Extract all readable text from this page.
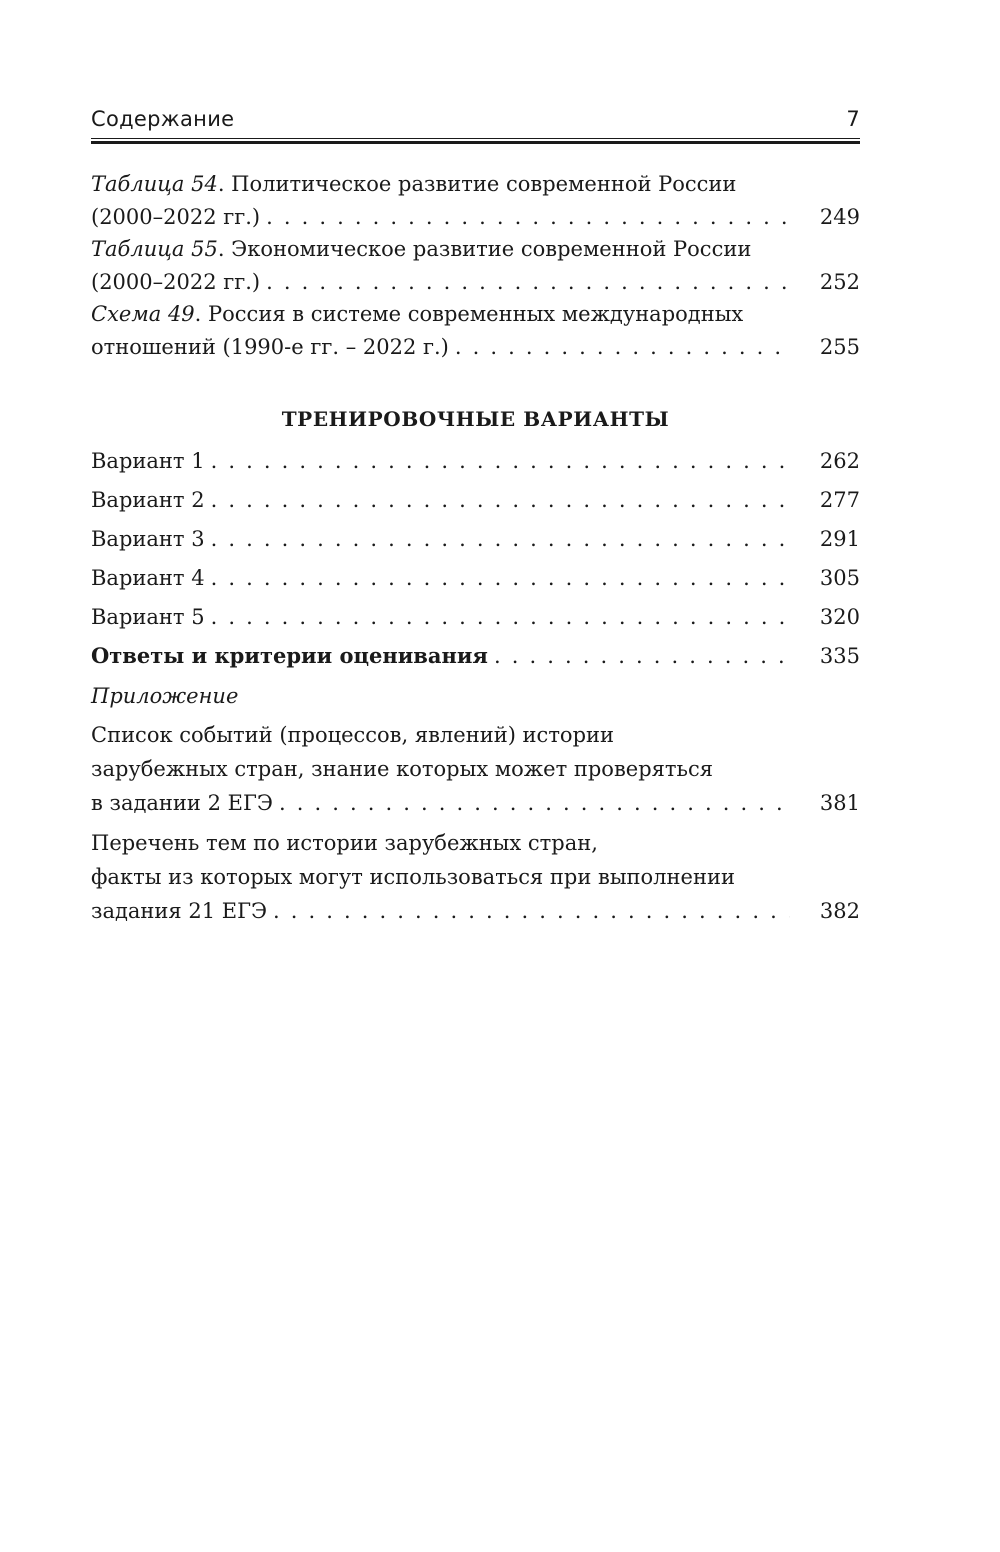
Содержание	7
Таблица 54. Политическое развитие современной России
(2000–2022 гг.) . . .	249
Таблица 55. Экономическое развитие современной России
(2000–2022 гг.) . . .	252
Схема 49. Россия в системе современных международных
отношений (1990-е гг. – 2022 г.) . . .	255
ТРЕНИРОВОЧНЫЕ ВАРИАНТЫ
Вариант 1 . . .	262
Вариант 2 . . .	277
Вариант 3 . . .	291
Вариант 4 . . .	305
Вариант 5 . . .	320
Ответы и критерии оценивания . . .	335
Приложение
Список событий (процессов, явлений) истории
зарубежных стран, знание которых может проверяться
в задании 2 ЕГЭ . . .	381
Перечень тем по истории зарубежных стран,
факты из которых могут использоваться при выполнении
задания 21 ЕГЭ . . .	382
